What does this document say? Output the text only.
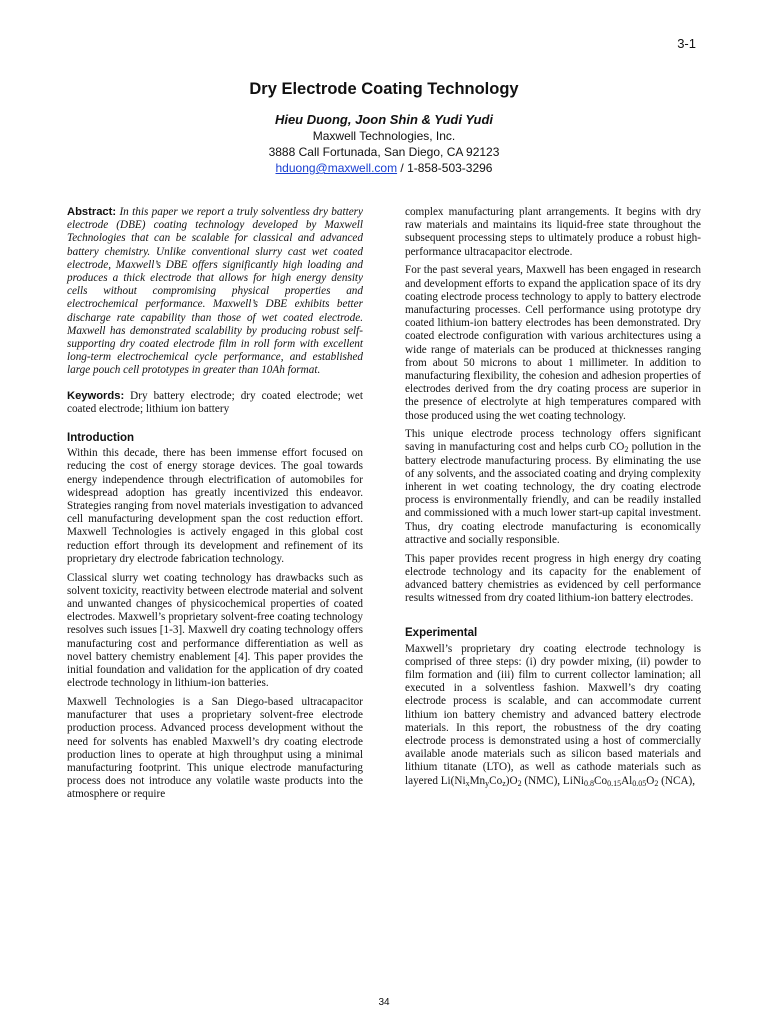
3-1
Dry Electrode Coating Technology
Hieu Duong, Joon Shin & Yudi Yudi
Maxwell Technologies, Inc.
3888 Call Fortunada, San Diego, CA 92123
hduong@maxwell.com / 1-858-503-3296

Abstract: In this paper we report a truly solventless dry battery electrode (DBE) coating technology developed by Maxwell Technologies that can be scalable for classical and advanced battery chemistry. Unlike conventional slurry cast wet coated electrode, Maxwell’s DBE offers significantly high loading and produces a thick electrode that allows for high energy density cells without compromising physical properties and electrochemical performance. Maxwell’s DBE exhibits better discharge rate capability than those of wet coated electrode. Maxwell has demonstrated scalability by producing robust self-supporting dry coated electrode film in roll form with excellent long-term electrochemical cycle performance, and established large pouch cell prototypes in greater than 10Ah format.

Keywords: Dry battery electrode; dry coated electrode; wet coated electrode; lithium ion battery

Introduction

Within this decade, there has been immense effort focused on reducing the cost of energy storage devices. The goal towards energy independence through electrification of automobiles for widespread adoption has greatly incentivized this endeavor. Strategies ranging from novel materials investigation to advanced cell manufacturing development span the cost reduction effort. Maxwell Technologies is actively engaged in this global cost reduction effort through its development and refinement of its proprietary dry electrode fabrication technology.

Classical slurry wet coating technology has drawbacks such as solvent toxicity, reactivity between electrode material and solvent and unwanted changes of physicochemical properties of coated electrodes. Maxwell’s proprietary solvent-free coating technology resolves such issues [1-3]. Maxwell dry coating technology offers manufacturing cost and performance differentiation as well as novel battery chemistry enablement [4]. This paper provides the initial foundation and validation for the application of dry coated electrode technology in lithium-ion batteries.

Maxwell Technologies is a San Diego-based ultracapacitor manufacturer that uses a proprietary solvent-free electrode production process. Advanced process development without the need for solvents has enabled Maxwell’s dry coating electrode production lines to operate at high throughput using a minimal manufacturing footprint. This unique electrode manufacturing process does not introduce any volatile waste products into the atmosphere or require

complex manufacturing plant arrangements. It begins with dry raw materials and maintains its liquid-free state throughout the subsequent processing steps to ultimately produce a robust high-performance ultracapacitor electrode.

For the past several years, Maxwell has been engaged in research and development efforts to expand the application space of its dry coating electrode process technology to apply to battery electrode manufacturing processes. Cell performance using prototype dry coated lithium-ion battery electrodes has been demonstrated. Dry coated electrode configuration with various architectures using a wide range of materials can be produced at thicknesses ranging from about 50 microns to about 1 millimeter. In addition to manufacturing flexibility, the cohesion and adhesion properties of electrodes derived from the dry coating process are superior in the presence of electrolyte at high temperatures compared with those produced using the wet coating technology.

This unique electrode process technology offers significant saving in manufacturing cost and helps curb $CO_2$ pollution in the battery electrode manufacturing process. By eliminating the use of any solvents, and the associated coating and drying complexity inherent in wet coating technology, the dry coating electrode process is environmentally friendly, and can be readily installed and commissioned with a much lower start-up capital investment. Thus, dry coating electrode manufacturing is economically attractive and socially responsible.

This paper provides recent progress in high energy dry coating electrode technology and its capacity for the enablement of advanced battery chemistries as evidenced by cell performance results witnessed from dry coated lithium-ion battery electrodes.

Experimental

Maxwell’s proprietary dry coating electrode technology is comprised of three steps: (i) dry powder mixing, (ii) powder to film formation and (iii) film to current collector lamination; all executed in a solventless fashion. Maxwell’s dry coating electrode process is scalable, and can accommodate current lithium ion battery chemistry and advanced battery electrode materials. In this report, the robustness of the dry coating electrode process is demonstrated using a host of commercially available anode materials such as silicon based materials and lithium titanate (LTO), as well as cathode materials such as layered $Li(Ni_xMn_yCo_z)O_2$ (NMC), $LiNi_{0.8}Co_{0.15}Al_{0.05}O_2$ (NCA),

34
